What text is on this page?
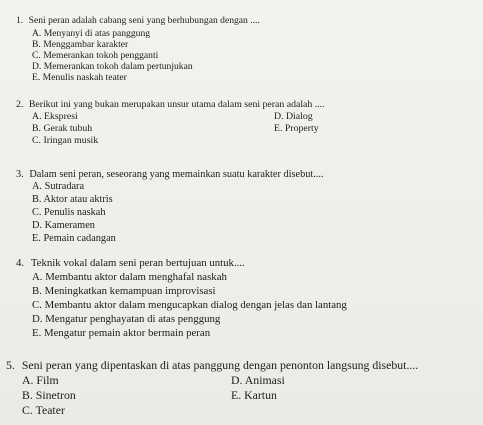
1. Seni peran adalah cabang seni yang berhubungan dengan ....
A. Menyanyi di atas panggung
B. Menggambar karakter
C. Memerankan tokoh pengganti
D. Memerankan tokoh dalam pertunjukan
E. Menulis naskah teater
2. Berikut ini yang bukan merupakan unsur utama dalam seni peran adalah ....
A. Ekspresi
B. Gerak tubuh
C. Iringan musik
D. Dialog
E. Property
3. Dalam seni peran, seseorang yang memainkan suatu karakter disebut....
A. Sutradara
B. Aktor atau aktris
C. Penulis naskah
D. Kameramen
E. Pemain cadangan
4. Teknik vokal dalam seni peran bertujuan untuk....
A. Membantu aktor dalam menghafal naskah
B. Meningkatkan kemampuan improvisasi
C. Membantu aktor dalam mengucapkan dialog dengan jelas dan lantang
D. Mengatur penghayatan di atas penggung
E. Mengatur pemain aktor bermain peran
5. Seni peran yang dipentaskan di atas panggung dengan penonton langsung disebut....
A. Film
B. Sinetron
C. Teater
D. Animasi
E. Kartun
